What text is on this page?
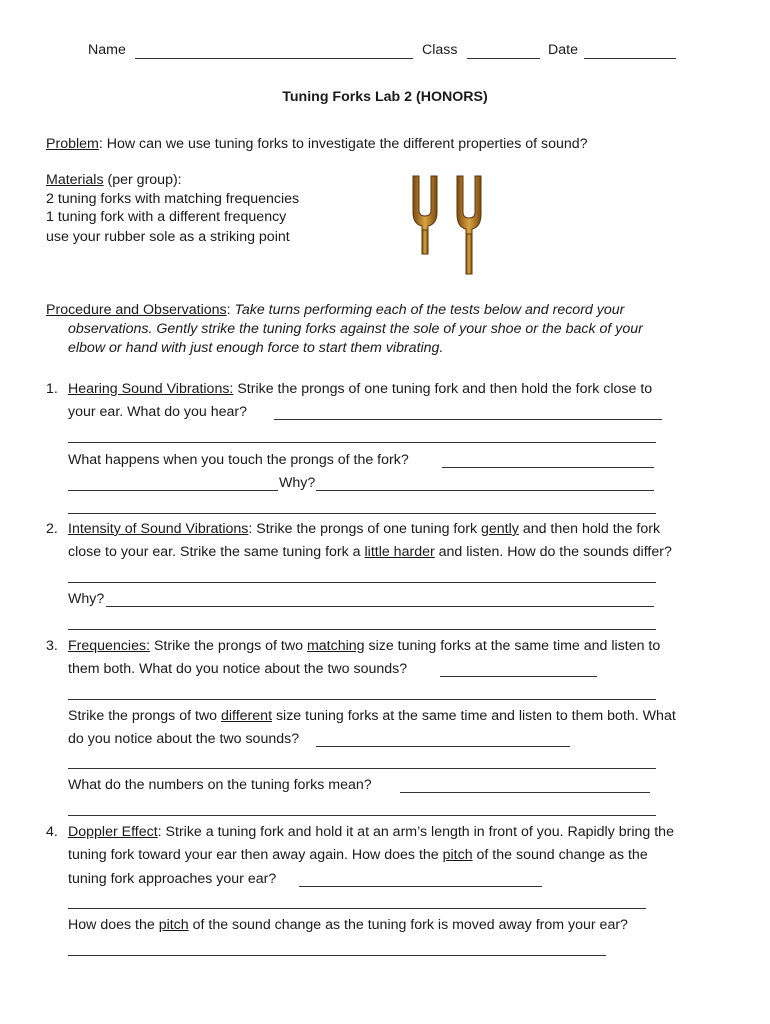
Name	Class	Date
Tuning Forks Lab 2 (HONORS)
Problem: How can we use tuning forks to investigate the different properties of sound?
Materials (per group):
2 tuning forks with matching frequencies
1 tuning fork with a different frequency
use your rubber sole as a striking point
Procedure and Observations: Take turns performing each of the tests below and record your
observations. Gently strike the tuning forks against the sole of your shoe or the back of your
elbow or hand with just enough force to start them vibrating.
1. Hearing Sound Vibrations: Strike the prongs of one tuning fork and then hold the fork close to
your ear. What do you hear?
What happens when you touch the prongs of the fork?
Why?
2. Intensity of Sound Vibrations: Strike the prongs of one tuning fork gently and then hold the fork
close to your ear. Strike the same tuning fork a little harder and listen. How do the sounds differ?
Why?
3. Frequencies: Strike the prongs of two matching size tuning forks at the same time and listen to
them both. What do you notice about the two sounds?
Strike the prongs of two different size tuning forks at the same time and listen to them both. What
do you notice about the two sounds?
What do the numbers on the tuning forks mean?
4. Doppler Effect: Strike a tuning fork and hold it at an arm’s length in front of you. Rapidly bring the
tuning fork toward your ear then away again. How does the pitch of the sound change as the
tuning fork approaches your ear?
How does the pitch of the sound change as the tuning fork is moved away from your ear?
